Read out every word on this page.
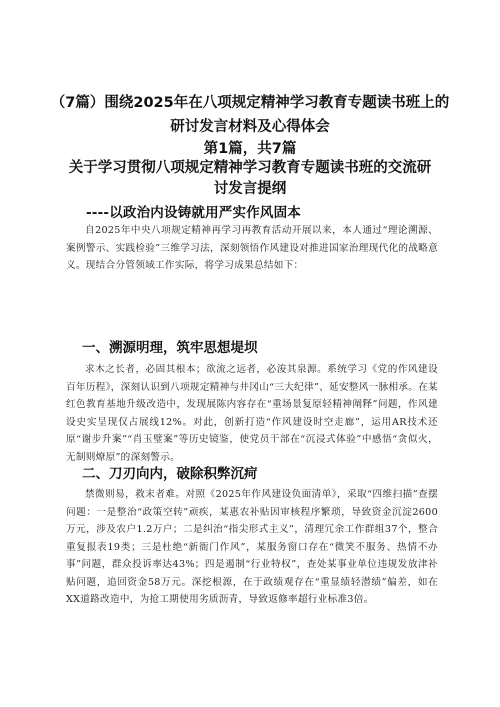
（7篇）围绕2025年在八项规定精神学习教育专题读书班上的
研讨发言材料及心得体会
第1篇，共7篇
关于学习贯彻八项规定精神学习教育专题读书班的交流研
讨发言提纲
----以政治内设铸就用严实作风固本

自2025年中央八项规定精神再学习再教育活动开展以来，本人通过“理论溯源、案例警示、实践检验”三维学习法，深刻领悟作风建设对推进国家治理现代化的战略意义。现结合分管领域工作实际，将学习成果总结如下：

一、溯源明理，筑牢思想堤坝

求木之长者，必固其根本；欲流之远者，必浚其泉源。系统学习《党的作风建设百年历程》，深刻认识到八项规定精神与井冈山“三大纪律”、延安整风一脉相承。在某红色教育基地升级改造中，发现展陈内容存在“重场景复原轻精神阐释”问题，作风建设史实呈现仅占展线12%。对此，创新打造“作风建设时空走廊”，运用AR技术还原“谢步升案”“肖玉璧案”等历史镜鉴，使党员干部在“沉浸式体验”中感悟“贪似火，无制则燎原”的深刻警示。

二、刀刃向内，破除积弊沉疴

禁微则易，救末者难。对照《2025年作风建设负面清单》，采取“四维扫描”查摆问题：一是整治“政策空转”顽疾，某惠农补贴因审核程序繁琐，导致资金沉淀2600万元，涉及农户1.2万户；二是纠治“指尖形式主义”，清理冗余工作群组37个，整合重复报表19类；三是杜绝“新衙门作风”，某服务窗口存在“微笑不服务、热情不办事”问题，群众投诉率达43%；四是遏制“行业特权”，查处某事业单位违规发放津补贴问题，追回资金58万元。深挖根源，在于政绩观存在“重显绩轻潜绩”偏差，如在XX道路改造中，为抢工期使用劣质沥青，导致返修率超行业标准3倍。
